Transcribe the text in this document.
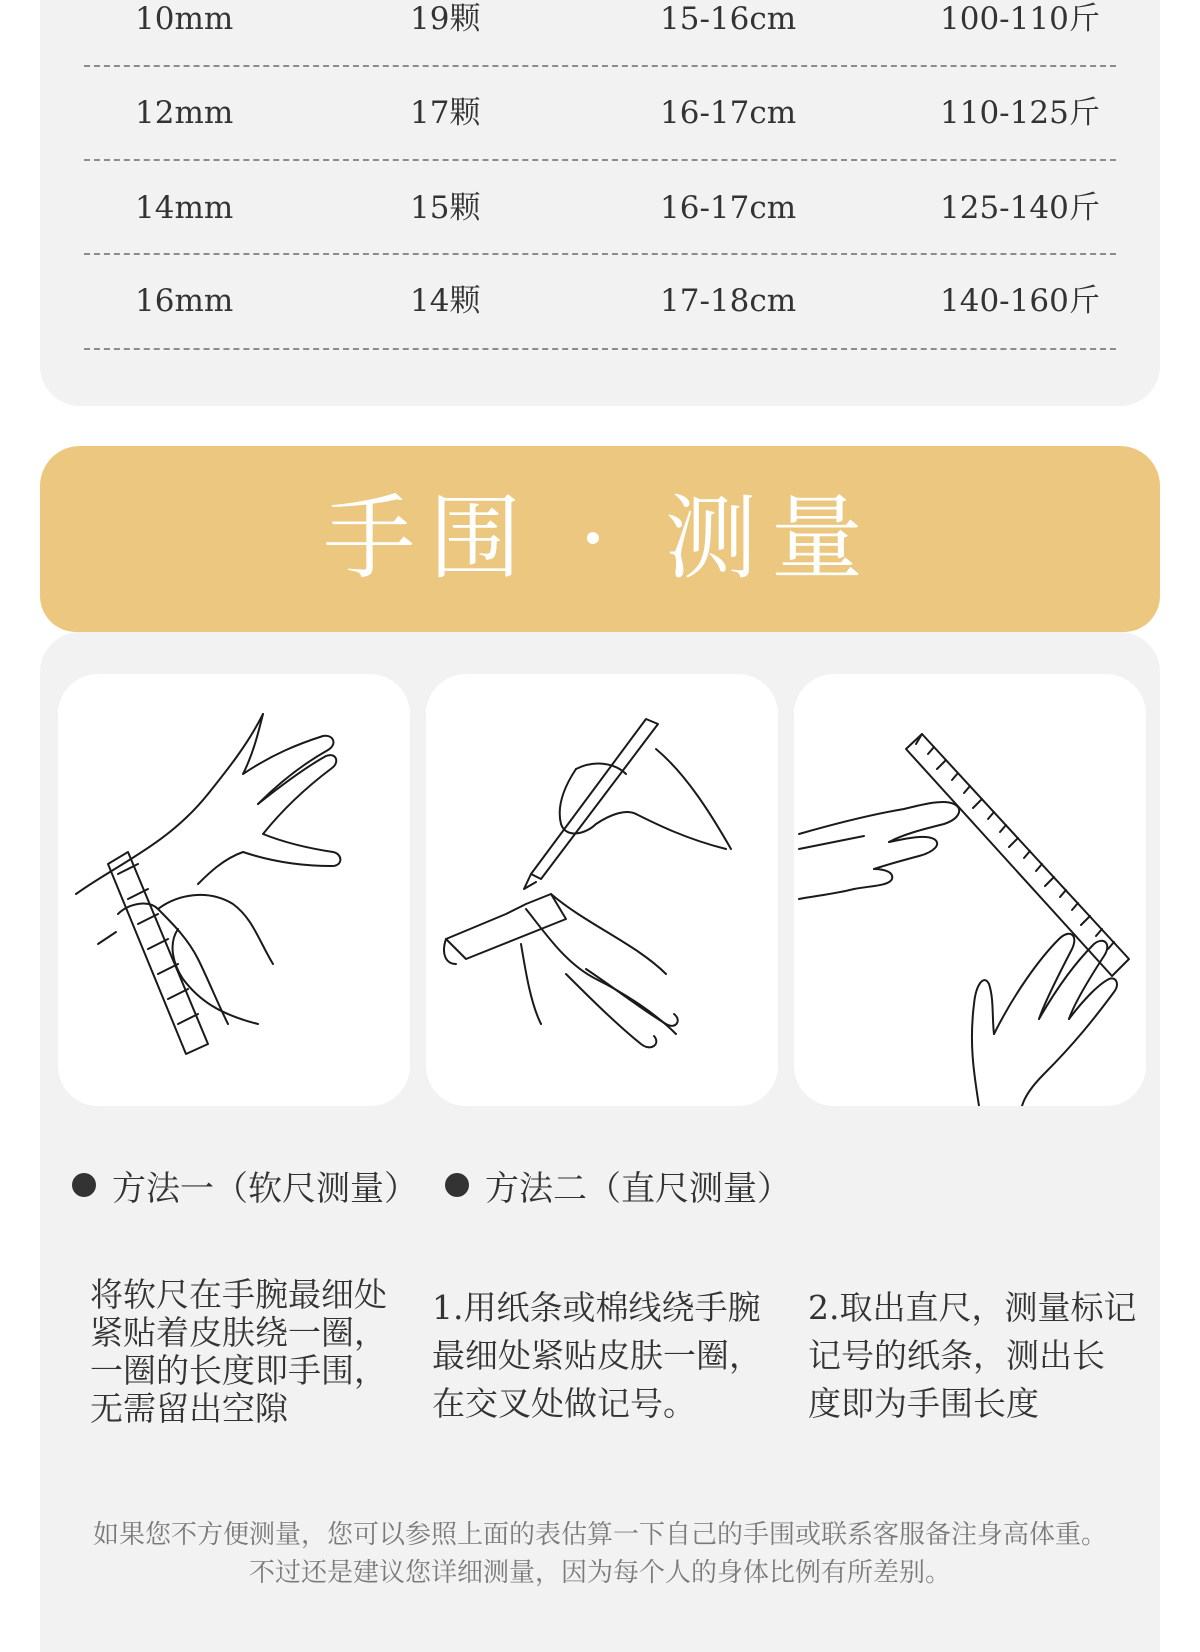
10mm	19颗	15-16cm	100-110斤
12mm	17颗	16-17cm	110-125斤
14mm	15颗	16-17cm	125-140斤
16mm	14颗	17-18cm	140-160斤
手围 · 测量
方法一（软尺测量） 方法二（直尺测量）
将软尺在手腕最细处
紧贴着皮肤绕一圈，
一圈的长度即手围，
无需留出空隙
1.用纸条或棉线绕手腕
最细处紧贴皮肤一圈，
在交叉处做记号。
2.取出直尺，测量标记
记号的纸条，测出长
度即为手围长度
如果您不方便测量，您可以参照上面的表估算一下自己的手围或联系客服备注身高体重。
不过还是建议您详细测量，因为每个人的身体比例有所差别。
